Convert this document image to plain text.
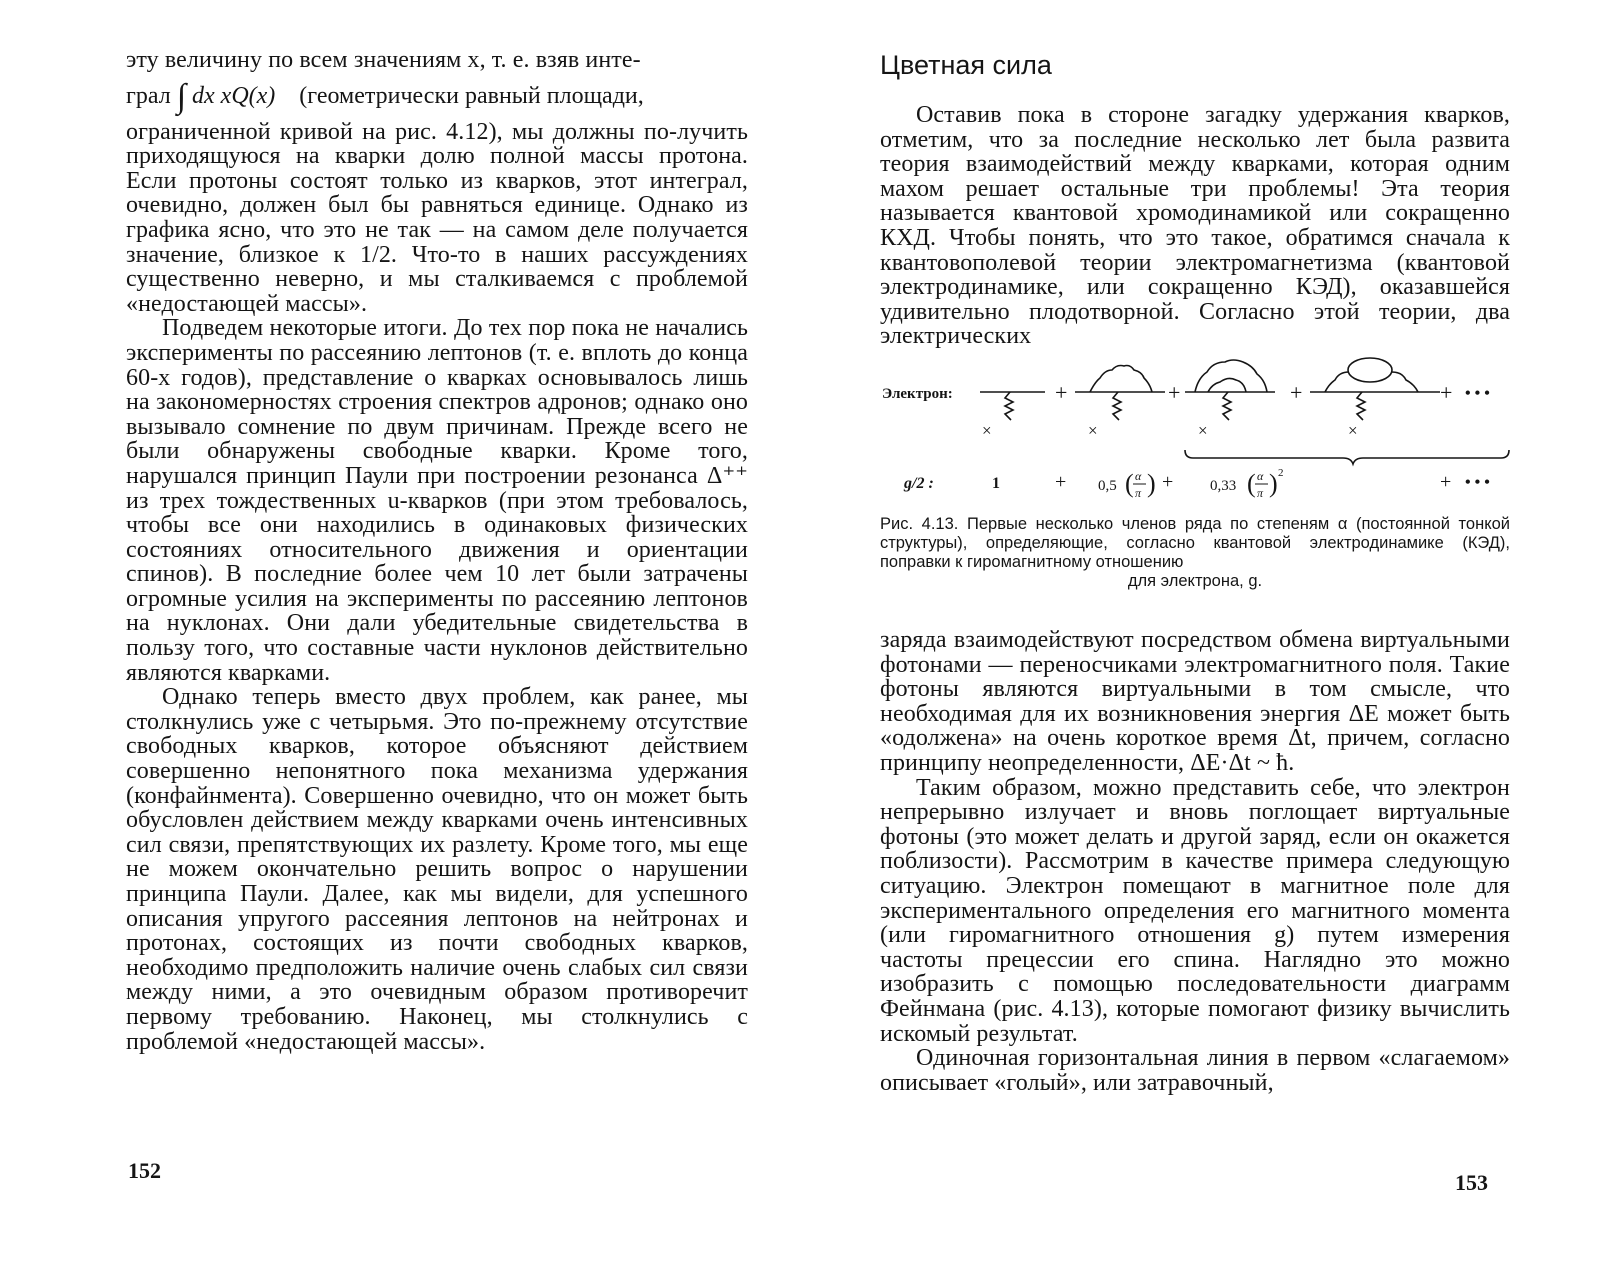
эту величину по всем значениям x, т. е. взяв инте-

грал ∫ dx xQ(x) (геометрически равный площади,

ограниченной кривой на рис. 4.12), мы должны по-лучить приходящуюся на кварки долю полной массы протона. Если протоны состоят только из кварков, этот интеграл, очевидно, должен был бы равняться единице. Однако из графика ясно, что это не так — на самом деле получается значение, близкое к 1/2. Что-то в наших рассуждениях существенно неверно, и мы сталкиваемся с проблемой «недостающей массы».

Подведем некоторые итоги. До тех пор пока не начались эксперименты по рассеянию лептонов (т. е. вплоть до конца 60-х годов), представление о кварках основывалось лишь на закономерностях строения спектров адронов; однако оно вызывало сомнение по двум причинам. Прежде всего не были обнаружены свободные кварки. Кроме того, нарушался принцип Паули при построении резонанса Δ⁺⁺ из трех тождественных u-кварков (при этом требовалось, чтобы все они находились в одинаковых физических состояниях относительного движения и ориентации спинов). В последние более чем 10 лет были затрачены огромные усилия на эксперименты по рассеянию лептонов на нуклонах. Они дали убедительные свидетельства в пользу того, что составные части нуклонов действительно являются кварками.

Однако теперь вместо двух проблем, как ранее, мы столкнулись уже с четырьмя. Это по-прежнему отсутствие свободных кварков, которое объясняют действием совершенно непонятного пока механизма удержания (конфайнмента). Совершенно очевидно, что он может быть обусловлен действием между кварками очень интенсивных сил связи, препятствующих их разлету. Кроме того, мы еще не можем окончательно решить вопрос о нарушении принципа Паули. Далее, как мы видели, для успешного описания упругого рассеяния лептонов на нейтронах и протонах, состоящих из почти свободных кварков, необходимо предположить наличие очень слабых сил связи между ними, а это очевидным образом противоречит первому требованию. Наконец, мы столкнулись с проблемой «недостающей массы».

152
Цветная сила

Оставив пока в стороне загадку удержания кварков, отметим, что за последние несколько лет была развита теория взаимодействий между кварками, которая одним махом решает остальные три проблемы! Эта теория называется квантовой хромодинамикой или сокращенно КХД. Чтобы понять, что это такое, обратимся сначала к квантовополевой теории электромагнетизма (квантовой электродинамике, или сокращенно КЭД), оказавшейся удивительно плодотворной. Согласно этой теории, два электрических

Электрон:	+	+	+	+ • • •
×	×	×	×
g/2 :	1	+ 0,5 ( α
π ) + 0,33 ( α
π ) 2	+ • • •
Рис. 4.13. Первые несколько членов ряда по степеням α (постоянной тонкой структуры), определяющие, согласно квантовой электродинамике (КЭД), поправки к гиромагнитному отношению
для электрона, g.

заряда взаимодействуют посредством обмена виртуальными фотонами — переносчиками электромагнитного поля. Такие фотоны являются виртуальными в том смысле, что необходимая для их возникновения энергия ΔE может быть «одолжена» на очень короткое время Δt, причем, согласно принципу неопределенности, ΔE·Δt ~ ħ.

Таким образом, можно представить себе, что электрон непрерывно излучает и вновь поглощает виртуальные фотоны (это может делать и другой заряд, если он окажется поблизости). Рассмотрим в качестве примера следующую ситуацию. Электрон помещают в магнитное поле для экспериментального определения его магнитного момента (или гиромагнитного отношения g) путем измерения частоты прецессии его спина. Наглядно это можно изобразить с помощью последовательности диаграмм Фейнмана (рис. 4.13), которые помогают физику вычислить искомый результат.

Одиночная горизонтальная линия в первом «слагаемом» описывает «голый», или затравочный,

153
